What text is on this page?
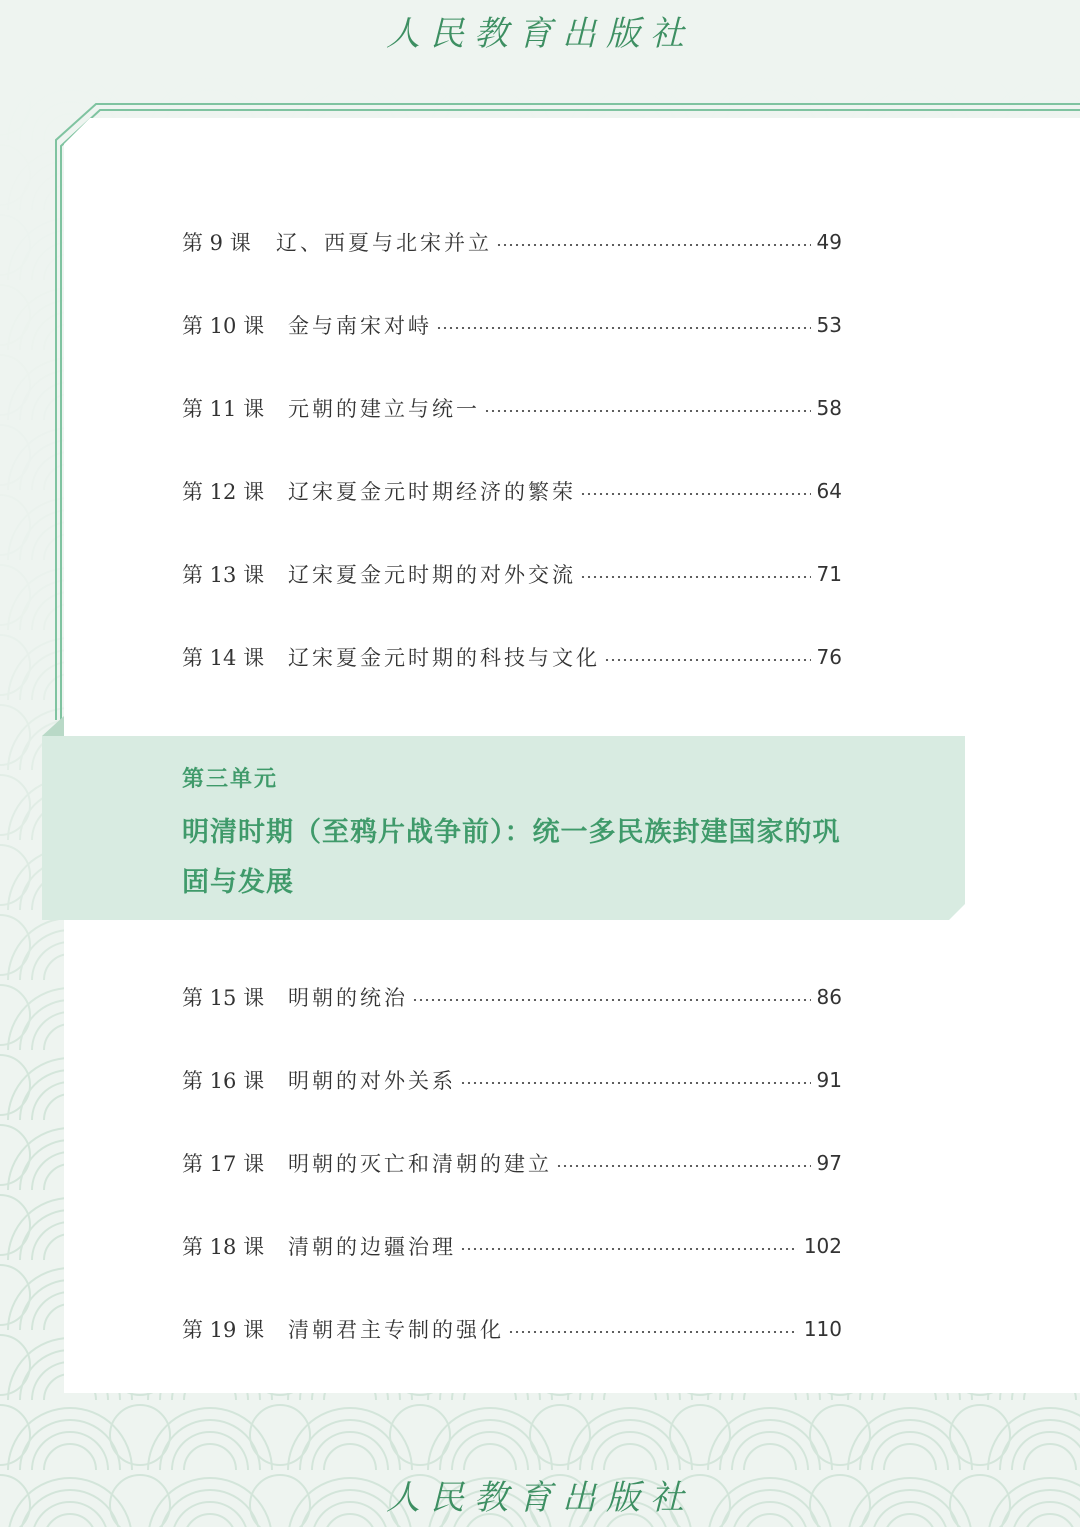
人民教育出版社
第 9 课	辽、西夏与北宋并立	49
第 10 课	金与南宋对峙	53
第 11 课	元朝的建立与统一	58
第 12 课	辽宋夏金元时期经济的繁荣	64
第 13 课	辽宋夏金元时期的对外交流	71
第 14 课	辽宋夏金元时期的科技与文化	76
第三单元
明清时期（至鸦片战争前）：统一多民族封建国家的巩固与发展
第 15 课	明朝的统治	86
第 16 课	明朝的对外关系	91
第 17 课	明朝的灭亡和清朝的建立	97
第 18 课	清朝的边疆治理	102
第 19 课	清朝君主专制的强化	110
人民教育出版社
